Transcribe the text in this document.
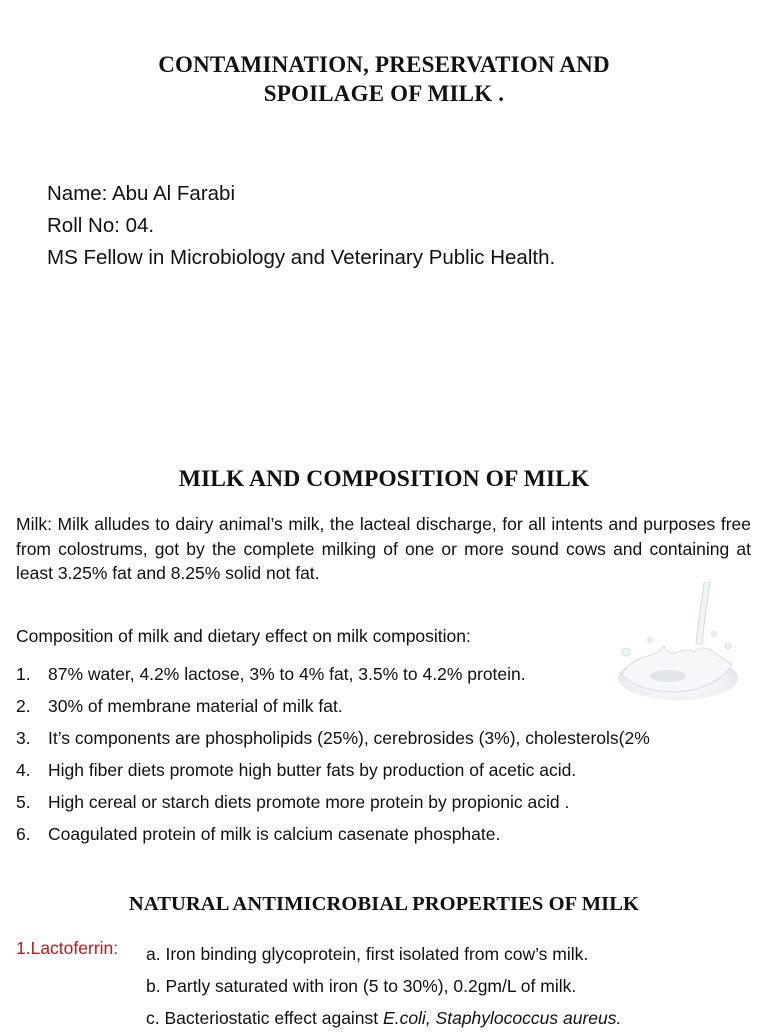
CONTAMINATION, PRESERVATION AND
SPOILAGE OF MILK .
Name: Abu Al Farabi
Roll No: 04.
MS Fellow in Microbiology and Veterinary Public Health.
MILK AND COMPOSITION OF MILK
Milk: Milk alludes to dairy animal’s milk, the lacteal discharge, for all intents and purposes free from colostrums, got by the complete milking of one or more sound cows and containing at least 3.25% fat and 8.25% solid not fat.
Composition of milk and dietary effect on milk composition:
1. 87% water, 4.2% lactose, 3% to 4% fat, 3.5% to 4.2% protein.
2. 30% of membrane material of milk fat.
3. It’s components are phospholipids (25%), cerebrosides (3%), cholesterols(2%
4. High fiber diets promote high butter fats by production of acetic acid.
5. High cereal or starch diets promote more protein by propionic acid .
6. Coagulated protein of milk is calcium casenate phosphate.
NATURAL ANTIMICROBIAL PROPERTIES OF MILK
1.Lactoferrin: a. Iron binding glycoprotein, first isolated from cow’s milk.
b. Partly saturated with iron (5 to 30%), 0.2gm/L of milk.
c. Bacteriostatic effect against E.coli, Staphylococcus aureus.
